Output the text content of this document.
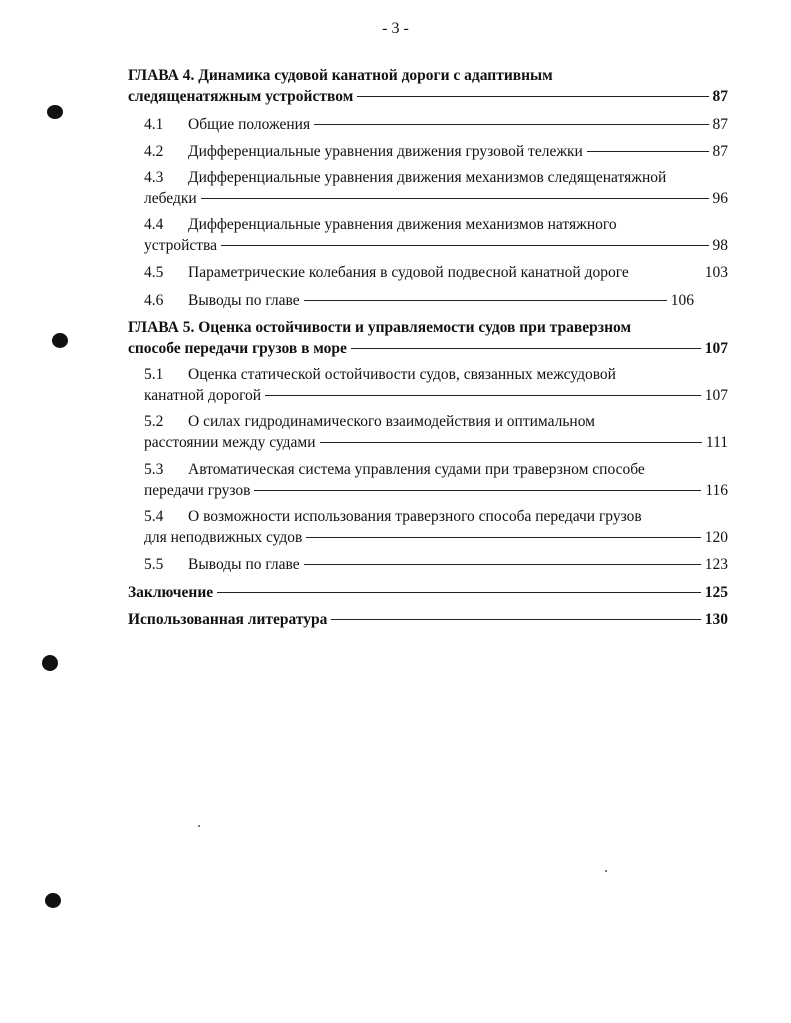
- 3 -
ГЛАВА 4. Динамика судовой канатной дороги с адаптивным
следященатяжным устройством	87
4.1	Общие положения	87
4.2	Дифференциальные уравнения движения грузовой тележки	87
4.3 Дифференциальные уравнения движения механизмов следященатяжной
лебедки	96
4.4 Дифференциальные уравнения движения механизмов натяжного
устройства	98
4.5	Параметрические колебания в судовой подвесной канатной дороге	103
4.6	Выводы по главе	106
ГЛАВА 5. Оценка остойчивости и управляемости судов при траверзном
способе передачи грузов в море	107
5.1 Оценка статической остойчивости судов, связанных межсудовой
канатной дорогой	107
5.2 О силах гидродинамического взаимодействия и оптимальном
расстоянии между судами	111
5.3 Автоматическая система управления судами при траверзном способе
передачи грузов	116
5.4 О возможности использования траверзного способа передачи грузов
для неподвижных судов	120
5.5	Выводы по главе	123
Заключение	125
Использованная литература	130
